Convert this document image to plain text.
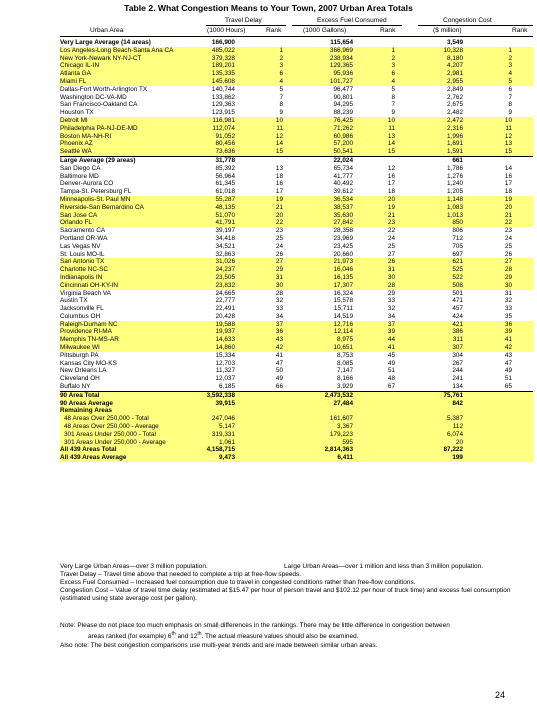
Table 2. What Congestion Means to Your Town, 2007 Urban Area Totals
Travel Delay	Excess Fuel Consumed	Congestion Cost
Urban Area	(1000 Hours)	Rank	(1000 Gallons)	Rank	($ million)	Rank
Very Large Average (14 areas)	166,900	115,654	3,549
Los Angeles-Long Beach-Santa Ana CA	485,022	1	366,969	1	10,328	1
New York-Newark NY-NJ-CT	379,328	2	238,934	2	8,180	2
Chicago IL-IN	189,201	3	129,365	3	4,207	3
Atlanta GA	135,335	6	95,936	6	2,981	4
Miami FL	145,608	4	101,727	4	2,955	5
Dallas-Fort Worth-Arlington TX	140,744	5	96,477	5	2,849	6
Washington DC-VA-MD	133,862	7	90,801	8	2,762	7
San Francisco-Oakland CA	129,363	8	94,295	7	2,675	8
Houston TX	123,915	9	88,239	9	2,482	9
Detroit MI	116,981	10	76,425	10	2,472	10
Philadelphia PA-NJ-DE-MD	112,074	11	71,262	11	2,316	11
Boston MA-NH-RI	91,052	12	60,986	13	1,996	12
Phoenix AZ	80,456	14	57,200	14	1,691	13
Seattle WA	73,636	15	50,541	15	1,591	15
Large Average (29 areas)	31,778	22,024	661
San Diego CA	85,392	13	65,734	12	1,786	14
Baltimore MD	56,964	18	41,777	16	1,276	16
Denver-Aurora CO	61,345	16	40,492	17	1,240	17
Tampa-St. Petersburg FL	61,018	17	39,612	18	1,205	18
Minneapolis-St. Paul MN	55,287	19	36,534	20	1,148	19
Riverside-San Bernardino CA	48,135	21	38,537	19	1,083	20
San Jose CA	51,070	20	35,630	21	1,013	21
Orlando FL	41,791	22	27,842	23	850	22
Sacramento CA	39,197	23	28,358	22	806	23
Portland OR-WA	34,418	25	23,969	24	712	24
Las Vegas NV	34,521	24	23,425	25	705	25
St. Louis MO-IL	32,863	26	20,660	27	697	26
San Antonio TX	31,026	27	21,973	26	621	27
Charlotte NC-SC	24,237	29	16,046	31	525	28
Indianapolis IN	23,505	31	16,135	30	522	29
Cincinnati OH-KY-IN	23,832	30	17,307	28	508	30
Virginia Beach VA	24,665	28	16,324	29	501	31
Austin TX	22,777	32	15,578	33	471	32
Jacksonville FL	22,491	33	15,711	32	457	33
Columbus OH	20,428	34	14,519	34	424	35
Raleigh-Durham NC	19,588	37	12,716	37	421	36
Providence RI-MA	19,937	36	12,114	39	386	39
Memphis TN-MS-AR	14,633	43	8,975	44	311	41
Milwaukee WI	14,860	42	10,651	41	307	42
Pittsburgh PA	15,334	41	8,753	45	304	43
Kansas City MO-KS	12,703	47	8,085	49	267	47
New Orleans LA	11,327	50	7,147	51	244	49
Cleveland OH	12,037	49	8,166	48	241	51
Buffalo NY	6,185	66	3,929	67	134	65
90 Area Total	3,592,338	2,473,532	75,761
90 Areas Average	39,915	27,484	842
Remaining Areas
48 Areas Over 250,000 - Total	247,046	161,607	5,387
48 Areas Over 250,000 - Average	5,147	3,367	112
301 Areas Under 250,000 - Total	319,331	179,223	6,074
301 Areas Under 250,000 - Average	1,061	595	20
All 439 Areas Total	4,158,715	2,814,363	87,222
All 439 Areas Average	9,473	6,411	199

Very Large Urban Areas—over 3 million population.	Large Urban Areas—over 1 million and less than 3 million population.

Travel Delay – Travel time above that needed to complete a trip at free-flow speeds.

Excess Fuel Consumed – Increased fuel consumption due to travel in congested conditions rather than free-flow conditions.

Congestion Cost – Value of travel time delay (estimated at $15.47 per hour of person travel and $102.12 per hour of truck time) and excess fuel consumption (estimated using state average cost per gallon).

Note: Please do not place too much emphasis on small differences in the rankings. There may be little difference in congestion between

areas ranked (for example) 6th and 12th. The actual measure values should also be examined.

Also note: The best congestion comparisons use multi-year trends and are made between similar urban areas.

24
